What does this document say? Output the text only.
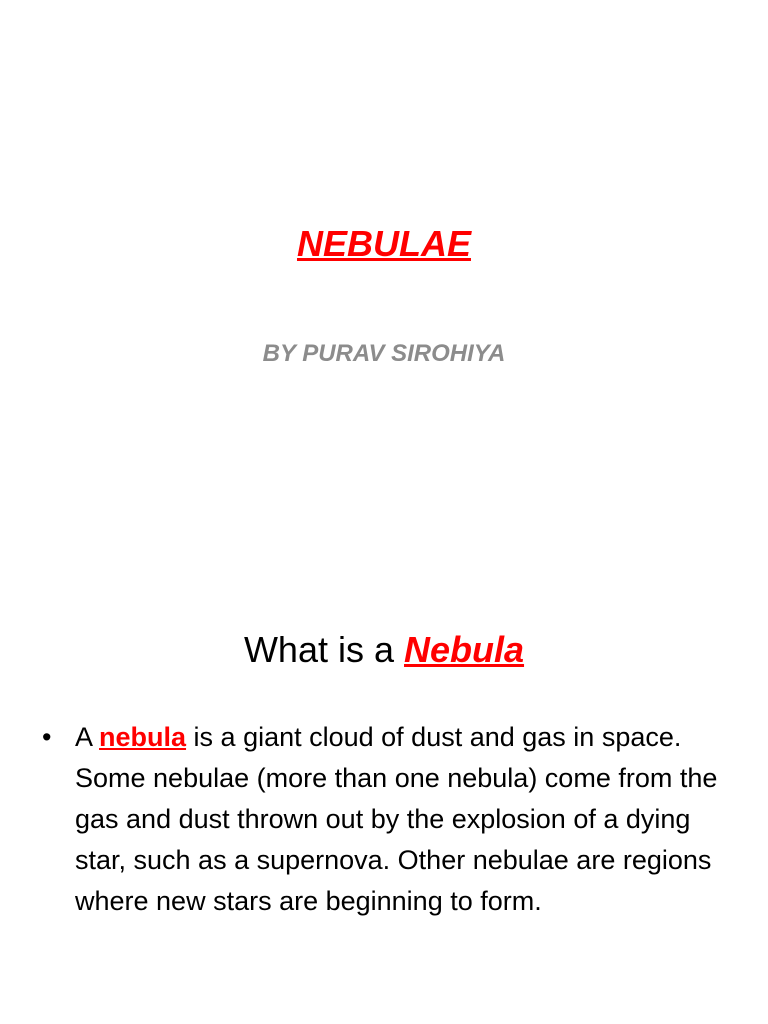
NEBULAE
BY PURAV SIROHIYA
What is a Nebula
• A nebula is a giant cloud of dust and gas in space. Some nebulae (more than one nebula) come from the gas and dust thrown out by the explosion of a dying star, such as a supernova. Other nebulae are regions where new stars are beginning to form.
